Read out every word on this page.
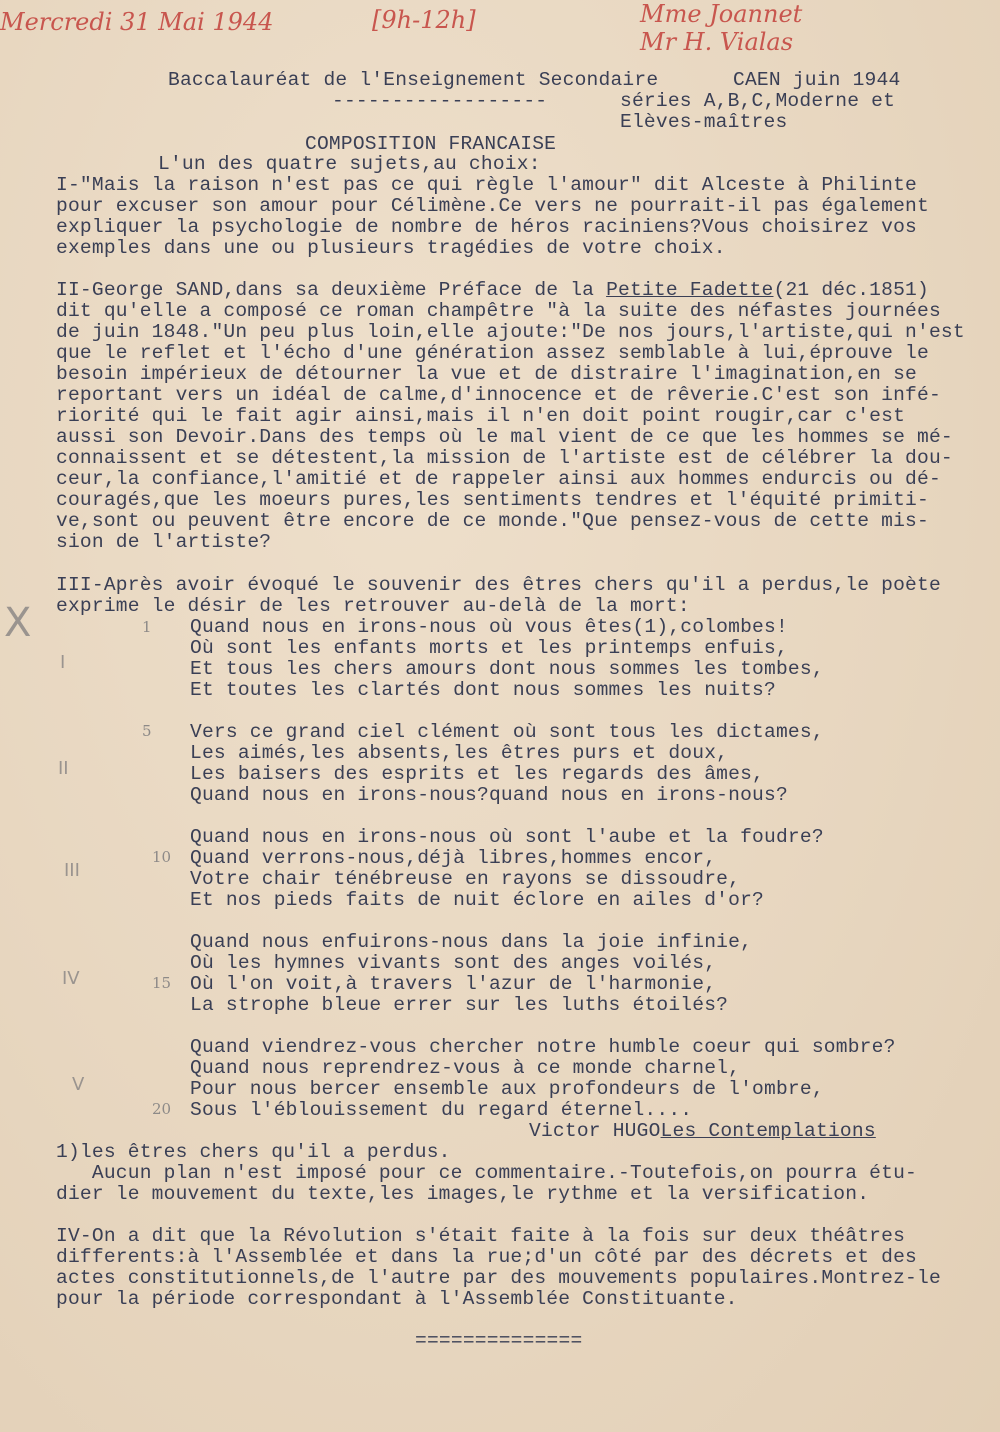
Mercredi 31 Mai 1944	[9h-12h]	Mme Joannet
Mr H. Vialas
Baccalauréat de l'Enseignement Secondaire	CAEN juin 1944
------------------	séries A,B,C,Moderne et
Elèves-maîtres
COMPOSITION FRANCAISE
L'un des quatre sujets,au choix:
I-"Mais la raison n'est pas ce qui règle l'amour" dit Alceste à Philinte
pour excuser son amour pour Célimène.Ce vers ne pourrait-il pas également
expliquer la psychologie de nombre de héros raciniens?Vous choisirez vos
exemples dans une ou plusieurs tragédies de votre choix.
II-George SAND,dans sa deuxième Préface de la Petite Fadette(21 déc.1851)
dit qu'elle a composé ce roman champêtre "à la suite des néfastes journées
de juin 1848."Un peu plus loin,elle ajoute:"De nos jours,l'artiste,qui n'est
que le reflet et l'écho d'une génération assez semblable à lui,éprouve le
besoin impérieux de détourner la vue et de distraire l'imagination,en se
reportant vers un idéal de calme,d'innocence et de rêverie.C'est son infé-
riorité qui le fait agir ainsi,mais il n'en doit point rougir,car c'est
aussi son Devoir.Dans des temps où le mal vient de ce que les hommes se mé-
connaissent et se détestent,la mission de l'artiste est de célébrer la dou-
ceur,la confiance,l'amitié et de rappeler ainsi aux hommes endurcis ou dé-
couragés,que les moeurs pures,les sentiments tendres et l'équité primiti-
ve,sont ou peuvent être encore de ce monde."Que pensez-vous de cette mis-
sion de l'artiste?
III-Après avoir évoqué le souvenir des êtres chers qu'il a perdus,le poète
exprime le désir de les retrouver au-delà de la mort:
Quand nous en irons-nous où vous êtes(1),colombes!
Où sont les enfants morts et les printemps enfuis,
Et tous les chers amours dont nous sommes les tombes,
Et toutes les clartés dont nous sommes les nuits?
Vers ce grand ciel clément où sont tous les dictames,
Les aimés,les absents,les êtres purs et doux,
Les baisers des esprits et les regards des âmes,
Quand nous en irons-nous?quand nous en irons-nous?
Quand nous en irons-nous où sont l'aube et la foudre?
Quand verrons-nous,déjà libres,hommes encor,
Votre chair ténébreuse en rayons se dissoudre,
Et nos pieds faits de nuit éclore en ailes d'or?
Quand nous enfuirons-nous dans la joie infinie,
Où les hymnes vivants sont des anges voilés,
Où l'on voit,à travers l'azur de l'harmonie,
La strophe bleue errer sur les luths étoilés?
Quand viendrez-vous chercher notre humble coeur qui sombre?
Quand nous reprendrez-vous à ce monde charnel,
Pour nous bercer ensemble aux profondeurs de l'ombre,
Sous l'éblouissement du regard éternel....
1
5
10
15
20
X
I
II
III
IV
V
Victor HUGOLes Contemplations
1)les êtres chers qu'il a perdus.
Aucun plan n'est imposé pour ce commentaire.-Toutefois,on pourra étu-
dier le mouvement du texte,les images,le rythme et la versification.
IV-On a dit que la Révolution s'était faite à la fois sur deux théâtres
differents:à l'Assemblée et dans la rue;d'un côté par des décrets et des
actes constitutionnels,de l'autre par des mouvements populaires.Montrez-le
pour la période correspondant à l'Assemblée Constituante.
==============
